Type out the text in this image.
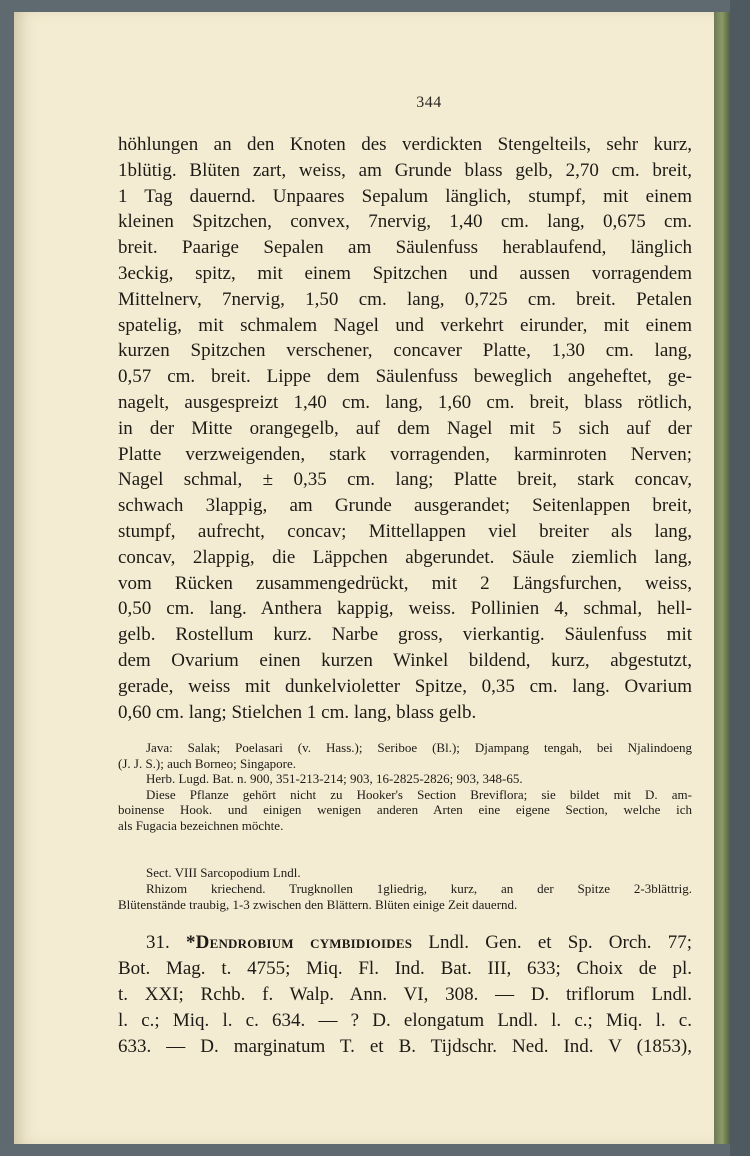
344
höhlungen an den Knoten des verdickten Stengelteils, sehr kurz,
1blütig. Blüten zart, weiss, am Grunde blass gelb, 2,70 cm. breit,
1 Tag dauernd. Unpaares Sepalum länglich, stumpf, mit einem
kleinen Spitzchen, convex, 7nervig, 1,40 cm. lang, 0,675 cm.
breit. Paarige Sepalen am Säulenfuss herablaufend, länglich
3eckig, spitz, mit einem Spitzchen und aussen vorragendem
Mittelnerv, 7nervig, 1,50 cm. lang, 0,725 cm. breit. Petalen
spatelig, mit schmalem Nagel und verkehrt eirunder, mit einem
kurzen Spitzchen verschener, concaver Platte, 1,30 cm. lang,
0,57 cm. breit. Lippe dem Säulenfuss beweglich angeheftet, ge-
nagelt, ausgespreizt 1,40 cm. lang, 1,60 cm. breit, blass rötlich,
in der Mitte orangegelb, auf dem Nagel mit 5 sich auf der
Platte verzweigenden, stark vorragenden, karminroten Nerven;
Nagel schmal, ± 0,35 cm. lang; Platte breit, stark concav,
schwach 3lappig, am Grunde ausgerandet; Seitenlappen breit,
stumpf, aufrecht, concav; Mittellappen viel breiter als lang,
concav, 2lappig, die Läppchen abgerundet. Säule ziemlich lang,
vom Rücken zusammengedrückt, mit 2 Längsfurchen, weiss,
0,50 cm. lang. Anthera kappig, weiss. Pollinien 4, schmal, hell-
gelb. Rostellum kurz. Narbe gross, vierkantig. Säulenfuss mit
dem Ovarium einen kurzen Winkel bildend, kurz, abgestutzt,
gerade, weiss mit dunkelvioletter Spitze, 0,35 cm. lang. Ovarium
0,60 cm. lang; Stielchen 1 cm. lang, blass gelb.
Java: Salak; Poelasari (v. Hass.); Seriboe (Bl.); Djampang tengah, bei Njalindoeng
(J. J. S.); auch Borneo; Singapore.
Herb. Lugd. Bat. n. 900, 351-213-214; 903, 16-2825-2826; 903, 348-65.
Diese Pflanze gehört nicht zu Hooker's Section Breviflora; sie bildet mit D. am-
boinense Hook. und einigen wenigen anderen Arten eine eigene Section, welche ich
als Fugacia bezeichnen möchte.
Sect. VIII Sarcopodium Lndl.
Rhizom kriechend. Trugknollen 1gliedrig, kurz, an der Spitze 2-3blättrig.
Blütenstände traubig, 1-3 zwischen den Blättern. Blüten einige Zeit dauernd.
31. *Dendrobium cymbidioides Lndl. Gen. et Sp. Orch. 77;
Bot. Mag. t. 4755; Miq. Fl. Ind. Bat. III, 633; Choix de pl.
t. XXI; Rchb. f. Walp. Ann. VI, 308. — D. triflorum Lndl.
l. c.; Miq. l. c. 634. — ? D. elongatum Lndl. l. c.; Miq. l. c.
633. — D. marginatum T. et B. Tijdschr. Ned. Ind. V (1853),
